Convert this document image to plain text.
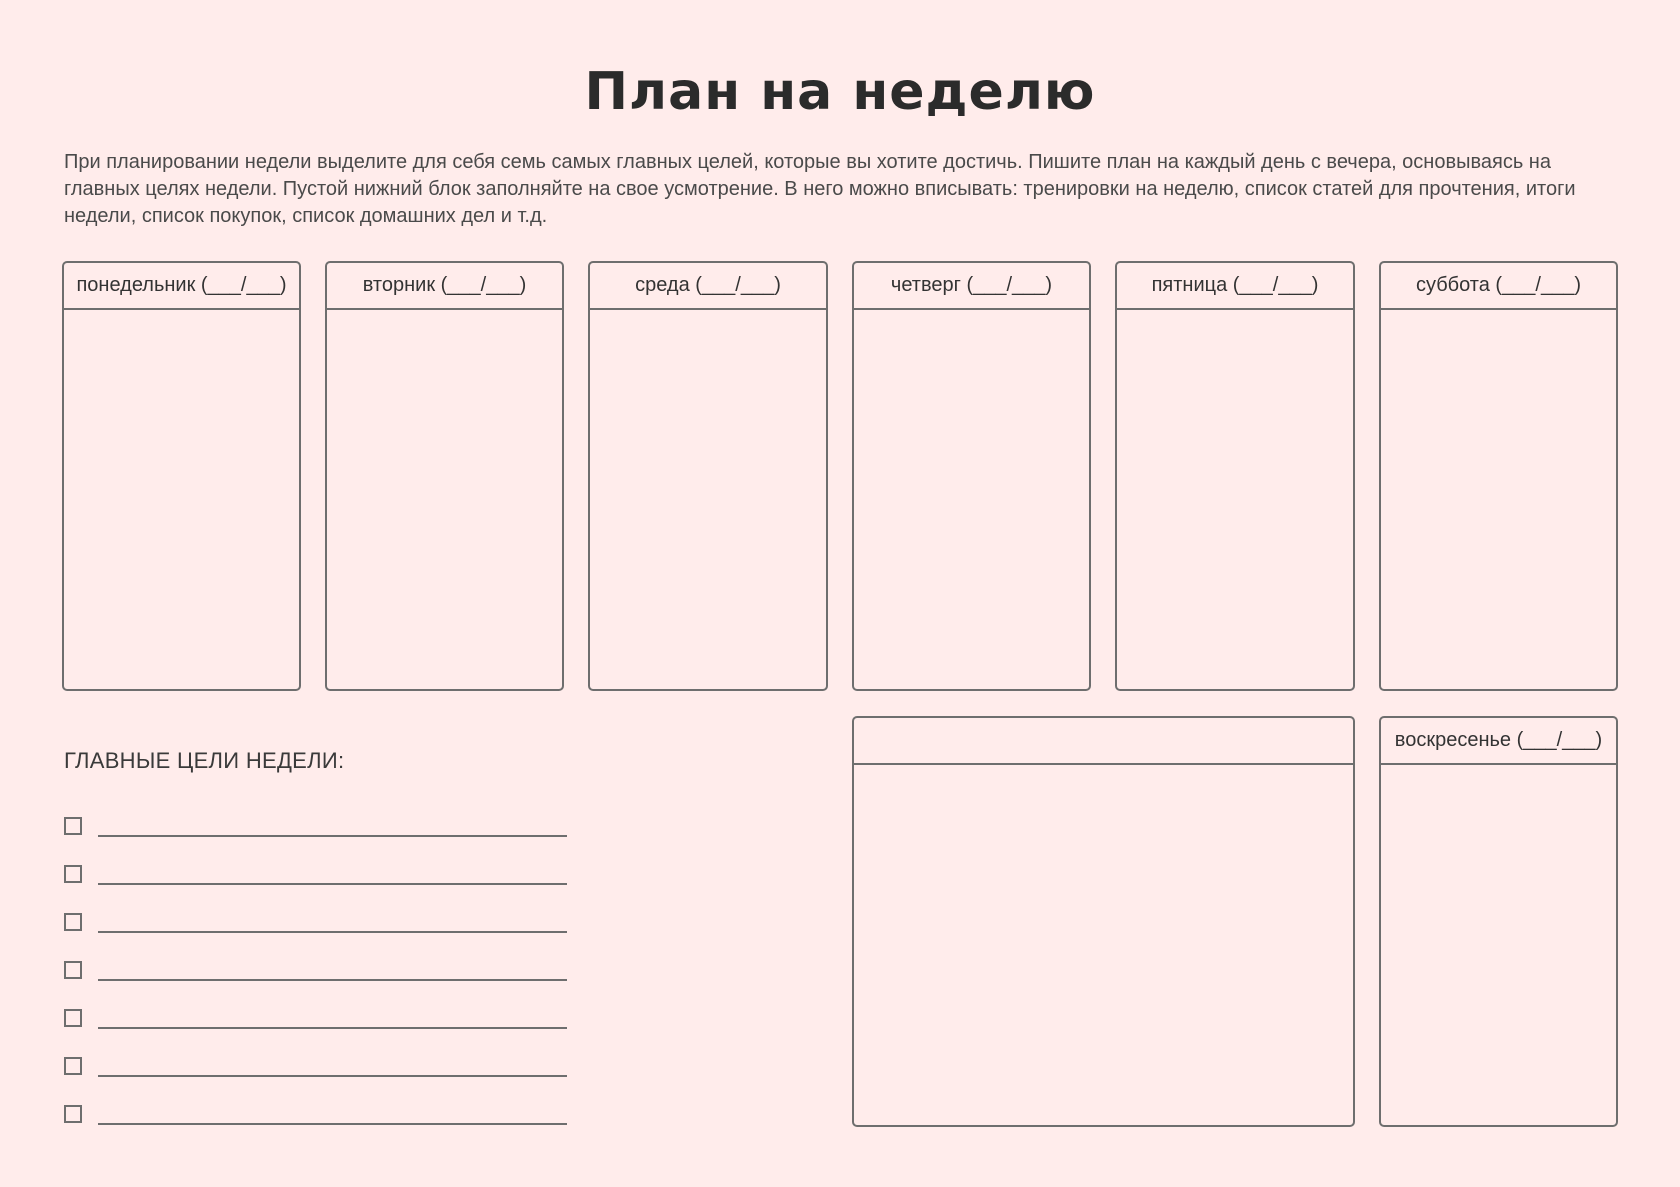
План на неделю

При планировании недели выделите для себя семь самых главных целей, которые вы хотите достичь. Пишите план на каждый день с вечера, основываясь на главных целях недели. Пустой нижний блок заполняйте на свое усмотрение. В него можно вписывать: тренировки на неделю, список статей для прочтения, итоги недели, список покупок, список домашних дел и т.д.

понедельник (___/___)	вторник (___/___)	среда (___/___)	четверг (___/___)	пятница (___/___)	суббота (___/___)

ГЛАВНЫЕ ЦЕЛИ НЕДЕЛИ:

воскресенье (___/___)
